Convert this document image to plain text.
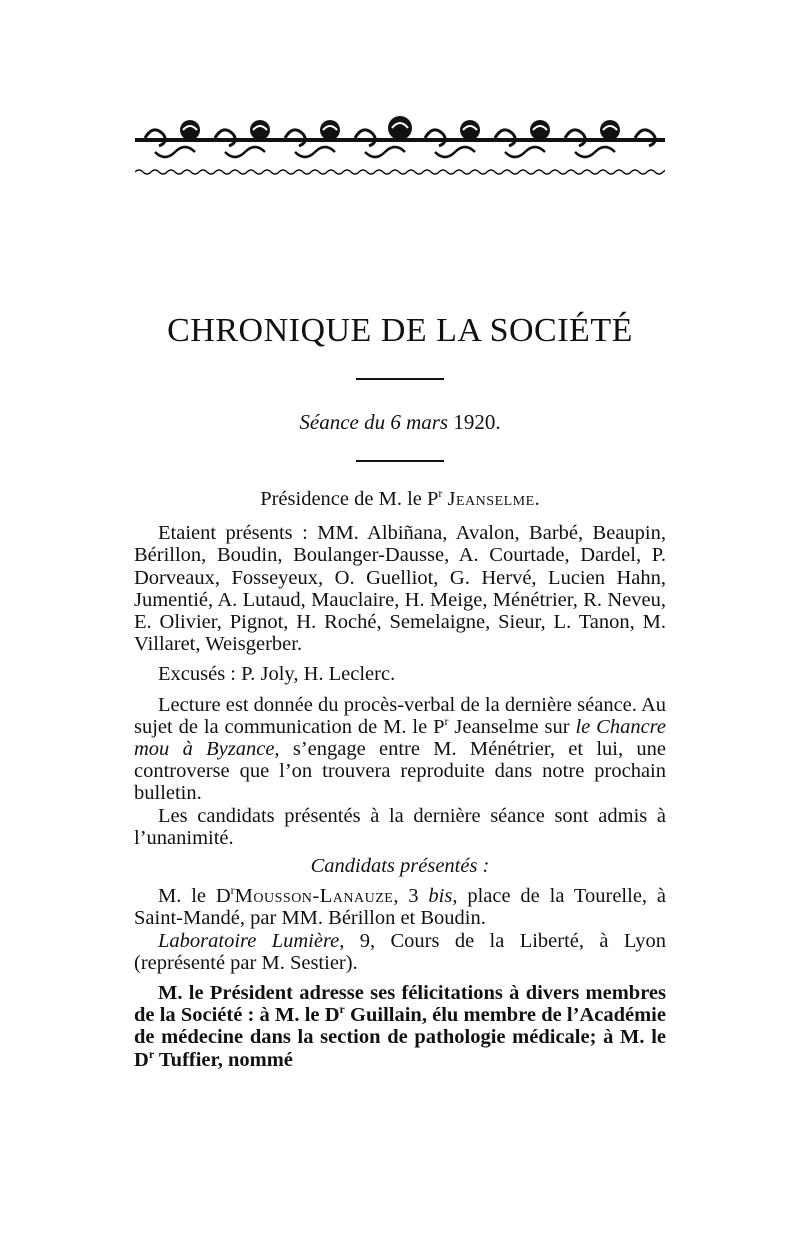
CHRONIQUE DE LA SOCIÉTÉ
Séance du 6 mars 1920.

Présidence de M. le $P^r$ Jeanselme.

Etaient présents : MM. Albiñana, Avalon, Barbé, Beaupin, Bérillon, Boudin, Boulanger-Dausse, A. Courtade, Dardel, P. Dorveaux, Fosseyeux, O. Guelliot, G. Hervé, Lucien Hahn, Jumentié, A. Lutaud, Mauclaire, H. Meige, Ménétrier, R. Neveu, E. Olivier, Pignot, H. Roché, Semelaigne, Sieur, L. Tanon, M. Villaret, Weisgerber.

Excusés : P. Joly, H. Leclerc.

Lecture est donnée du procès-verbal de la dernière séance. Au sujet de la communication de M. le $P^r$ Jeanselme sur le Chancre mou à Byzance, s’engage entre M. Ménétrier, et lui, une controverse que l’on trouvera reproduite dans notre prochain bulletin.

Les candidats présentés à la dernière séance sont admis à l’unanimité.

Candidats présentés :

M. le $D^rMousson$-Lanauze, 3 bis, place de la Tourelle, à Saint-Mandé, par MM. Bérillon et Boudin.

Laboratoire Lumière, 9, Cours de la Liberté, à Lyon (représenté par M. Sestier).

M. le Président adresse ses félicitations à divers membres de la Société : à M. le $D^r$ Guillain, élu membre de l’Académie de médecine dans la section de pathologie médicale; à M. le $D^r$ Tuffier, nommé
